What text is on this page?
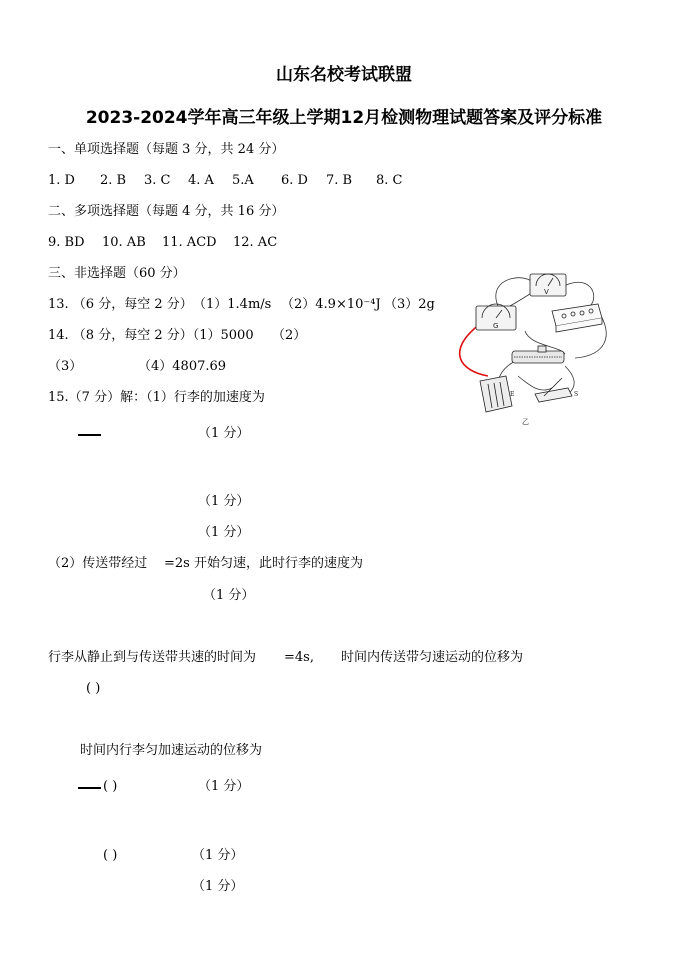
山东名校考试联盟
2023-2024学年高三年级上学期12月检测物理试题答案及评分标准
一、单项选择题（每题 3 分，共 24 分）
1. D 2. B 3. C 4. A 5.A 6. D 7. B 8. C
二、多项选择题（每题 4 分，共 16 分）
9. BD 10. AB 11. ACD 12. AC
三、非选择题（60 分）
13. （6 分，每空 2 分） （1）1.4m/s （2）4.9×10⁻⁴J （3）2g
14. （8 分，每空 2 分）（1）5000 （2）
（3）	（4）4807.69
15.（7 分）解：（1）行李的加速度为
（1 分）
（1 分）
（1 分）
（2）传送带经过 =2s 开始匀速，此时行李的速度为
（1 分）
行李从静止到与传送带共速的时间为 =4s, 时间内传送带匀速运动的位移为
( )
时间内行李匀加速运动的位移为
( )	（1 分）
( )	（1 分）
（1 分）
G
V
E	S
乙
